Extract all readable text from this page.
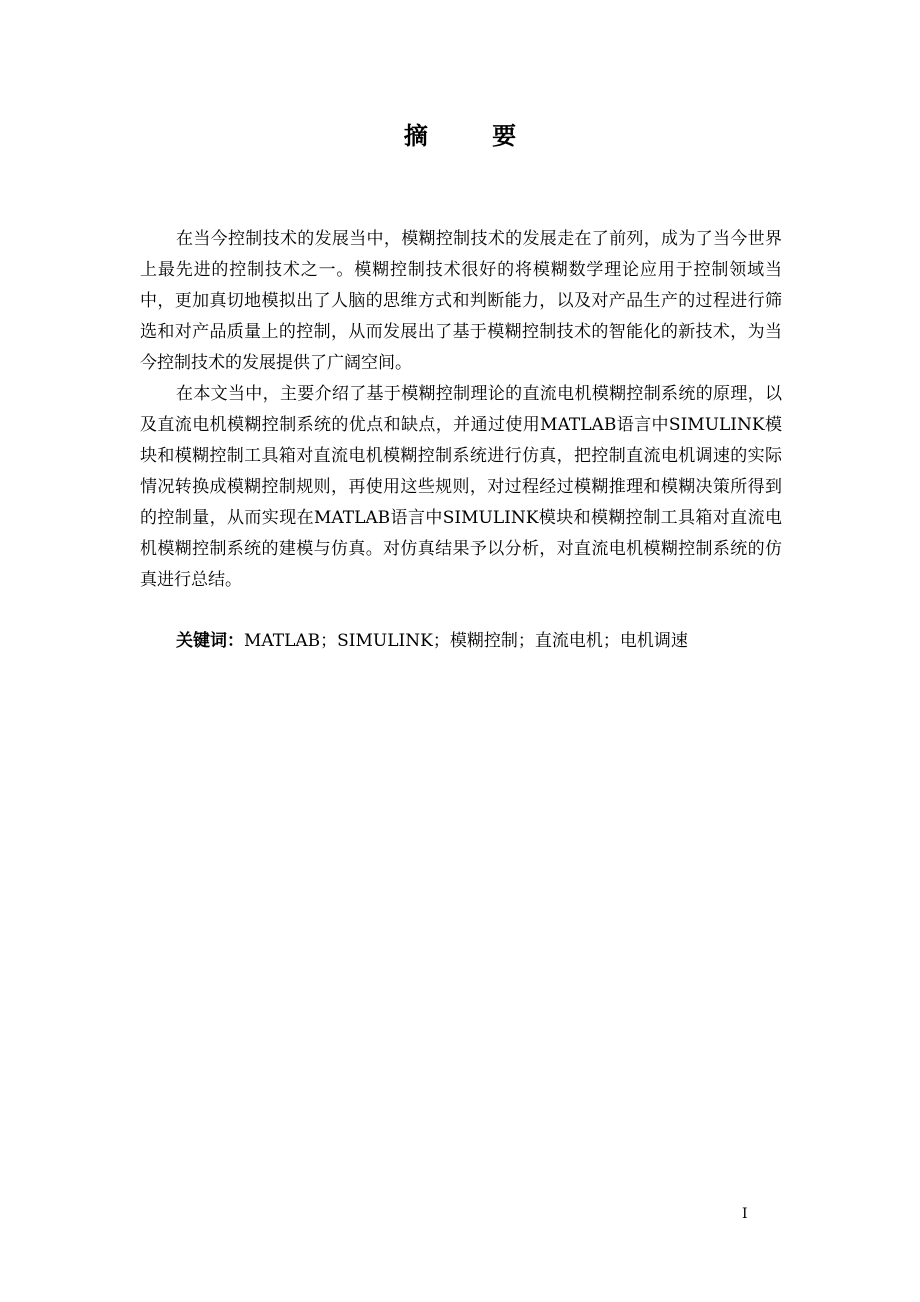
摘 要

在当今控制技术的发展当中，模糊控制技术的发展走在了前列，成为了当今世界上最先进的控制技术之一。模糊控制技术很好的将模糊数学理论应用于控制领域当中，更加真切地模拟出了人脑的思维方式和判断能力，以及对产品生产的过程进行筛选和对产品质量上的控制，从而发展出了基于模糊控制技术的智能化的新技术，为当今控制技术的发展提供了广阔空间。

在本文当中，主要介绍了基于模糊控制理论的直流电机模糊控制系统的原理，以及直流电机模糊控制系统的优点和缺点，并通过使用MATLAB语言中SIMULINK模块和模糊控制工具箱对直流电机模糊控制系统进行仿真，把控制直流电机调速的实际情况转换成模糊控制规则，再使用这些规则，对过程经过模糊推理和模糊决策所得到的控制量，从而实现在MATLAB语言中SIMULINK模块和模糊控制工具箱对直流电机模糊控制系统的建模与仿真。对仿真结果予以分析，对直流电机模糊控制系统的仿真进行总结。

关键词：MATLAB；SIMULINK；模糊控制；直流电机；电机调速
I
